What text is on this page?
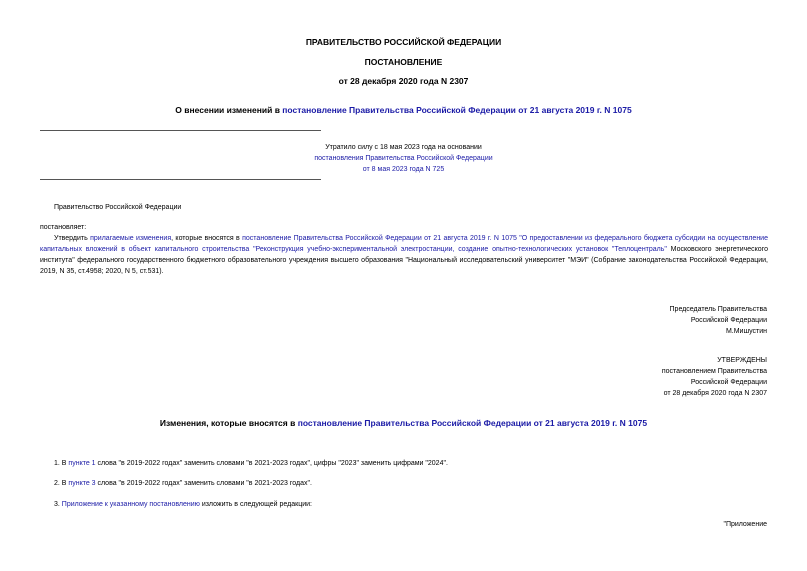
ПРАВИТЕЛЬСТВО РОССИЙСКОЙ ФЕДЕРАЦИИ
ПОСТАНОВЛЕНИЕ
от 28 декабря 2020 года N 2307
О внесении изменений в постановление Правительства Российской Федерации от 21 августа 2019 г. N 1075
Утратило силу с 18 мая 2023 года на основании
постановления Правительства Российской Федерации
от 8 мая 2023 года N 725
Правительство Российской Федерации
постановляет:
Утвердить прилагаемые изменения, которые вносятся в постановление Правительства Российской Федерации от 21 августа 2019 г. N 1075 "О предоставлении из федерального бюджета субсидии на осуществление капитальных вложений в объект капитального строительства "Реконструкция учебно-экспериментальной электростанции, создание опытно-технологических установок "Теплоцентраль" Московского энергетического института" федерального государственного бюджетного образовательного учреждения высшего образования "Национальный исследовательский университет "МЭИ" (Собрание законодательства Российской Федерации, 2019, N 35, ст.4958; 2020, N 5, ст.531).
Председатель Правительства
Российской Федерации
М.Мишустин
УТВЕРЖДЕНЫ
постановлением Правительства
Российской Федерации
от 28 декабря 2020 года N 2307
Изменения, которые вносятся в постановление Правительства Российской Федерации от 21 августа 2019 г. N 1075
1. В пункте 1 слова "в 2019-2022 годах" заменить словами "в 2021-2023 годах", цифры "2023" заменить цифрами "2024".
2. В пункте 3 слова "в 2019-2022 годах" заменить словами "в 2021-2023 годах".
3. Приложение к указанному постановлению изложить в следующей редакции:
"Приложение
